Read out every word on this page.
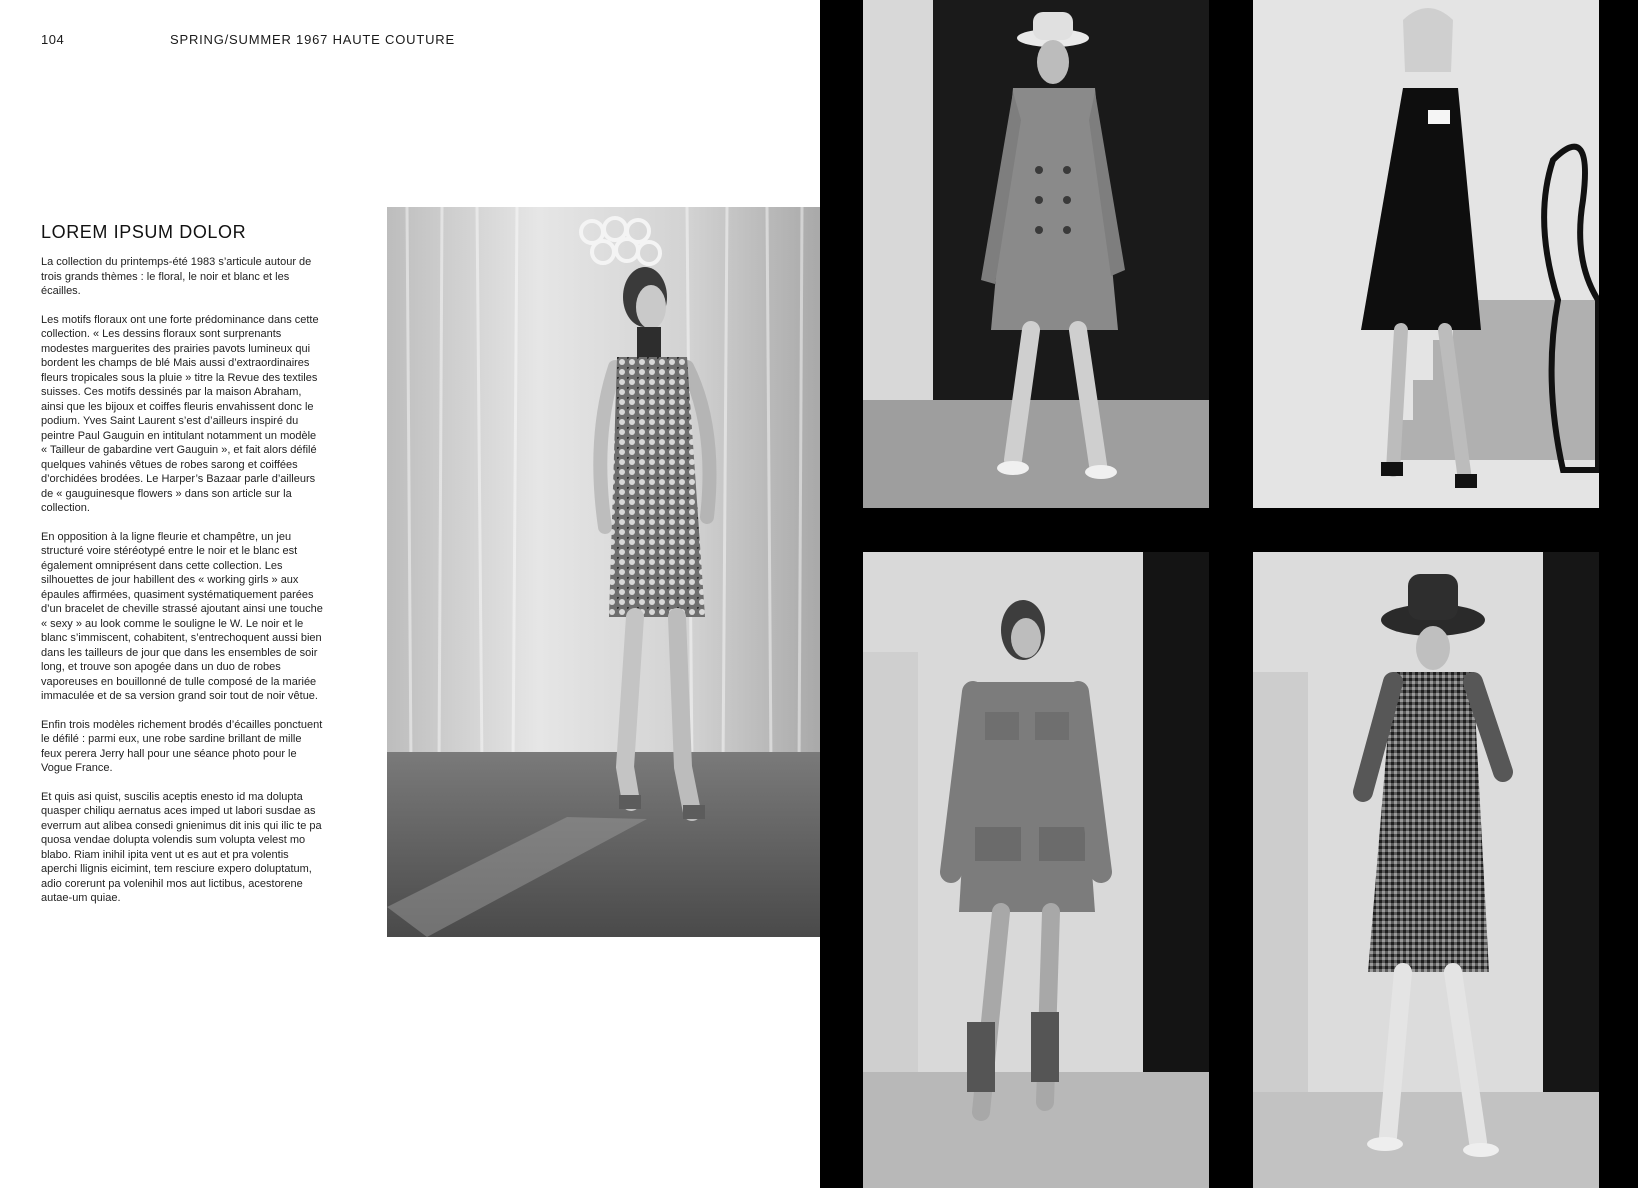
104	SPRING/SUMMER 1967 HAUTE COUTURE
LOREM IPSUM DOLOR

La collection du printemps-été 1983 s’articule autour de trois grands thèmes : le floral, le noir et blanc et les écailles.

Les motifs floraux ont une forte prédominance dans cette collection. « Les dessins floraux sont surprenants modestes marguerites des prairies pavots lumineux qui bordent les champs de blé Mais aussi d’extraordinaires fleurs tropicales sous la pluie » titre la Revue des textiles suisses. Ces motifs dessinés par la maison Abraham, ainsi que les bijoux et coiffes fleuris envahissent donc le podium. Yves Saint Laurent s’est d’ailleurs inspiré du peintre Paul Gauguin en intitulant notamment un modèle « Tailleur de gabardine vert Gauguin », et fait alors défilé quelques vahinés vêtues de robes sarong et coiffées d’orchidées brodées. Le Harper’s Bazaar parle d’ailleurs de « gauguinesque flowers » dans son article sur la collection.

En opposition à la ligne fleurie et champêtre, un jeu structuré voire stéréotypé entre le noir et le blanc est également omniprésent dans cette collection. Les silhouettes de jour habillent des « working girls » aux épaules affirmées, quasiment systématiquement parées d’un bracelet de cheville strassé ajoutant ainsi une touche « sexy » au look comme le souligne le W. Le noir et le blanc s’immiscent, cohabitent, s’entrechoquent aussi bien dans les tailleurs de jour que dans les ensembles de soir long, et trouve son apogée dans un duo de robes vaporeuses en bouillonné de tulle composé de la mariée immaculée et de sa version grand soir tout de noir vêtue.

Enfin trois modèles richement brodés d’écailles ponctuent le défilé : parmi eux, une robe sardine brillant de mille feux perera Jerry hall pour une séance photo pour le Vogue France.

Et quis asi quist, suscilis aceptis enesto id ma dolupta quasper chiliqu aernatus aces imped ut labori susdae as everrum aut alibea consedi gnienimus dit inis qui ilic te pa quosa vendae dolupta volendis sum volupta velest mo blabo. Riam inihil ipita vent ut es aut et pra volentis aperchi llignis eicimint, tem resciure expero doluptatum, adio corerunt pa volenihil mos aut lictibus, acestorene autae-um quiae.
